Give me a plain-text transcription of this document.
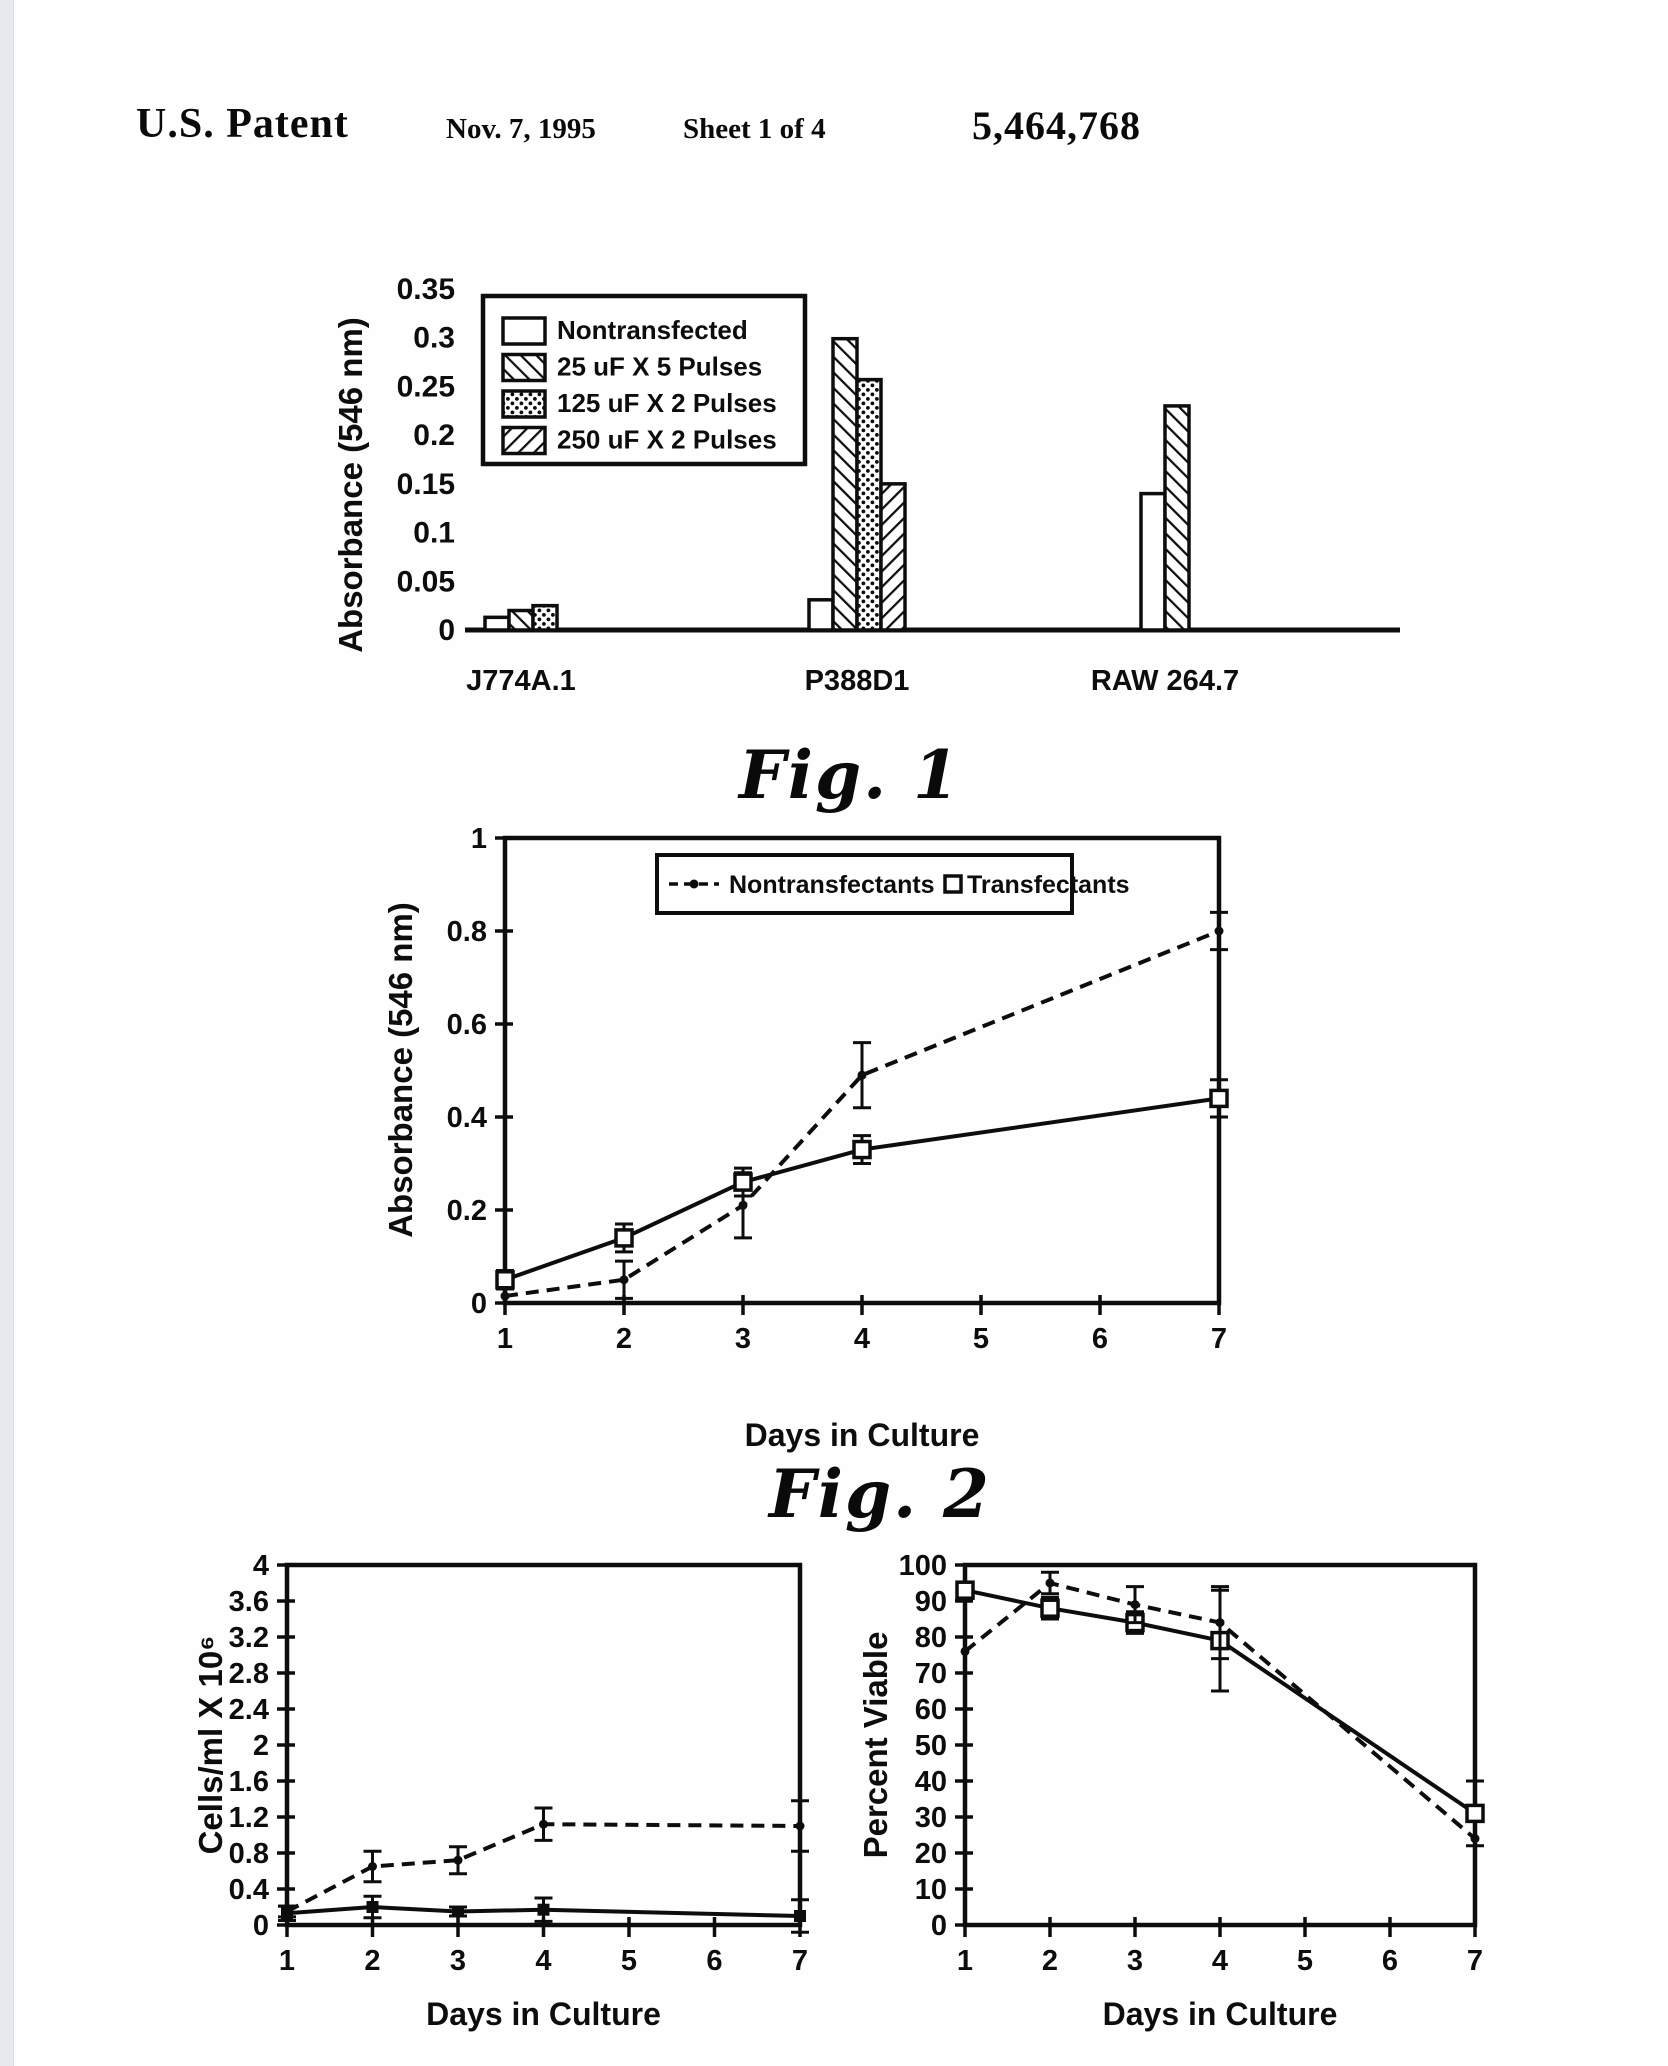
U.S. Patent	Nov. 7, 1995	Sheet 1 of 4	5,464,768
0
0.05
0.1
0.15
0.2
0.25
0.3
0.35
Absorbance (546 nm)
J774A.1	P388D1	RAW 264.7
Nontransfected
25 uF X 5 Pulses
125 uF X 2 Pulses
250 uF X 2 Pulses
Fig. 1
0
0.2
0.4
0.6
0.8
1
1	2	3	4	5	6	7
Absorbance (546 nm)
Days in Culture
Nontransfectants Transfectants
Fig. 2
0
0.4
0.8
1.2
1.6
2
2.4
2.8
3.2
3.6
4
1 2 3 4 5 6 7
Cells/ml X 10⁶
Days in Culture
0
10
20
30
40
50
60
70
80
90
100
1 2 3 4 5 6 7
Percent Viable
Days in Culture
